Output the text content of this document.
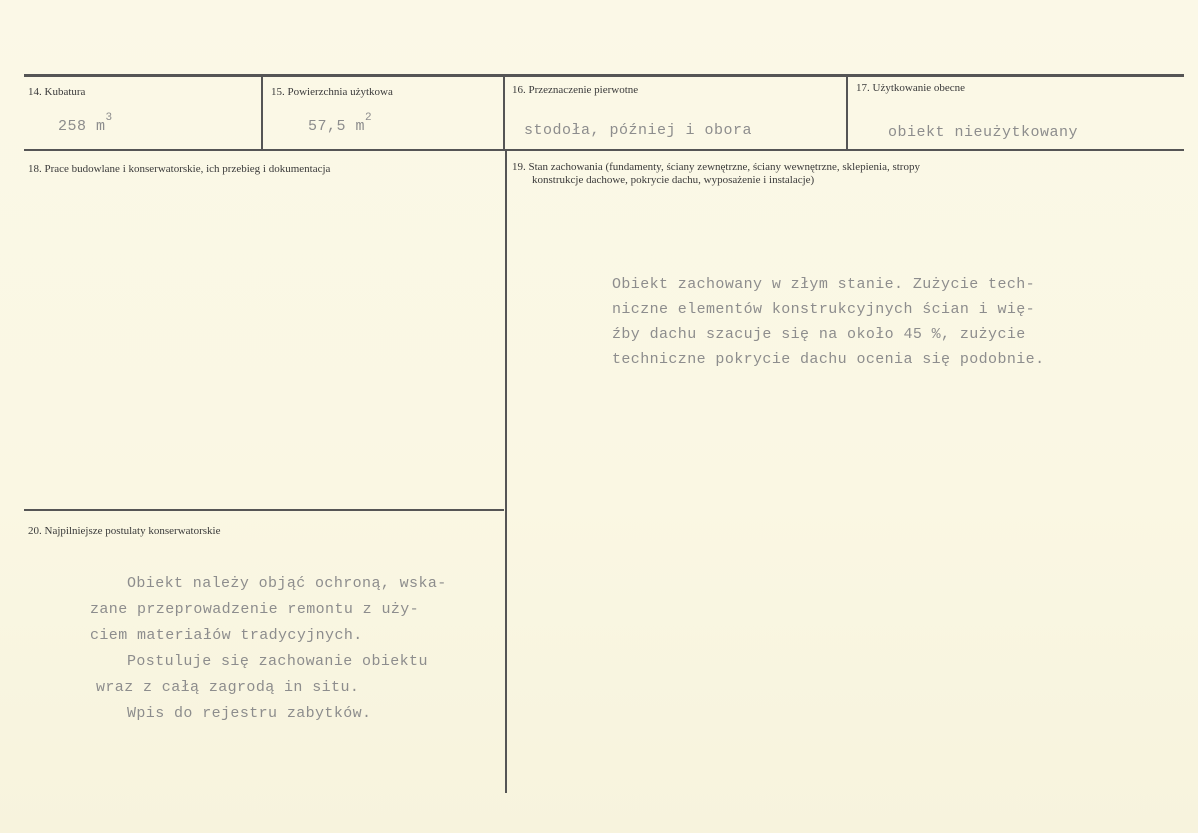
14. Kubatura
258 $m^3$
15. Powierzchnia użytkowa
57,5 $m^2$
16. Przeznaczenie pierwotne
stodoła, później i obora
17. Użytkowanie obecne
obiekt nieużytkowany
18. Prace budowlane i konserwatorskie, ich przebieg i dokumentacja	19. Stan zachowania (fundamenty, ściany zewnętrzne, ściany wewnętrzne, sklepienia, stropy
konstrukcje dachowe, pokrycie dachu, wyposażenie i instalacje)
Obiekt zachowany w złym stanie. Zużycie tech-
niczne elementów konstrukcyjnych ścian i wię-
źby dachu szacuje się na około 45 %, zużycie
techniczne pokrycie dachu ocenia się podobnie.
20. Najpilniejsze postulaty konserwatorskie
Obiekt należy objąć ochroną, wska-
zane przeprowadzenie remontu z uży-
ciem materiałów tradycyjnych.
Postuluje się zachowanie obiektu
wraz z całą zagrodą in situ.
Wpis do rejestru zabytków.
